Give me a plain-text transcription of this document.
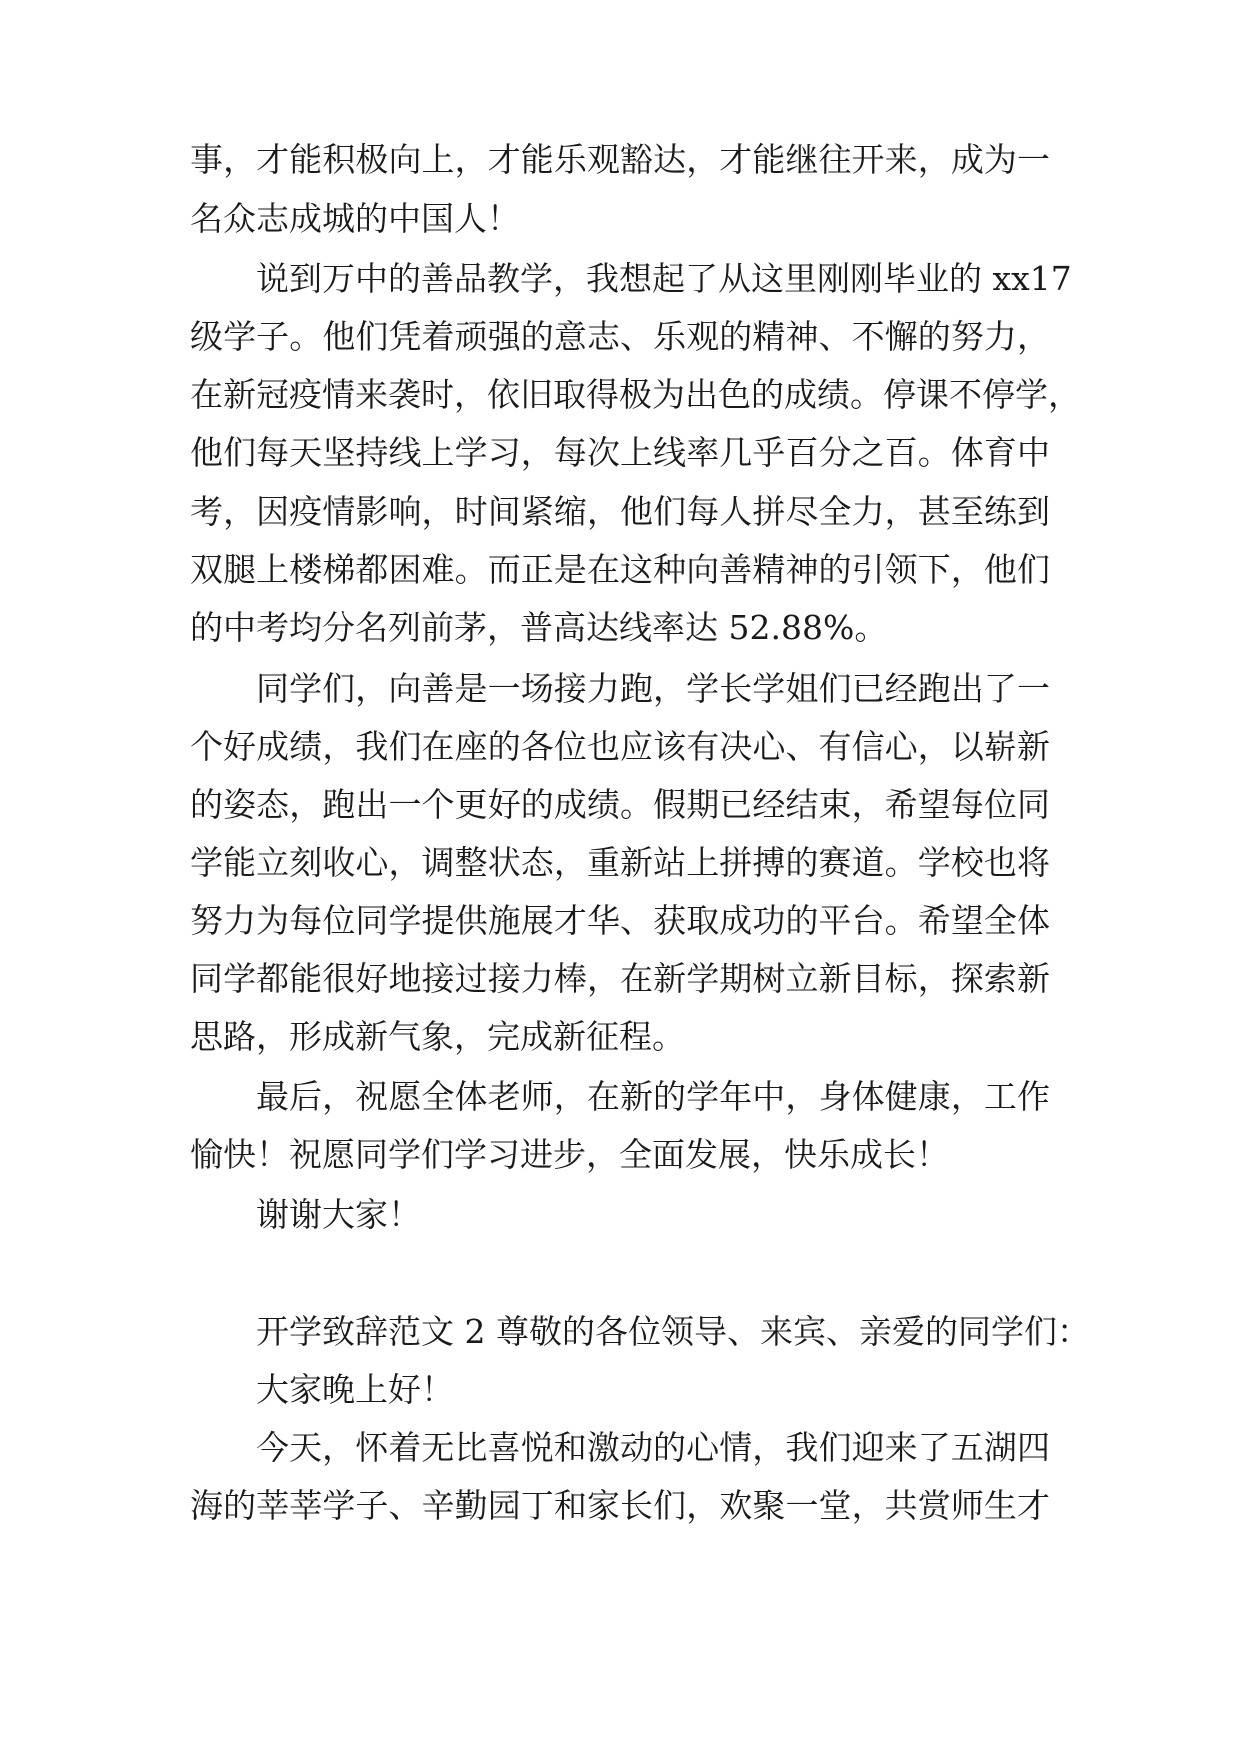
事，才能积极向上，才能乐观豁达，才能继往开来，成为一
名众志成城的中国人！
说到万中的善品教学，我想起了从这里刚刚毕业的 xx17
级学子。他们凭着顽强的意志、乐观的精神、不懈的努力，
在新冠疫情来袭时，依旧取得极为出色的成绩。停课不停学，
他们每天坚持线上学习，每次上线率几乎百分之百。体育中
考，因疫情影响，时间紧缩，他们每人拼尽全力，甚至练到
双腿上楼梯都困难。而正是在这种向善精神的引领下，他们
的中考均分名列前茅，普高达线率达 52.88%。
同学们，向善是一场接力跑，学长学姐们已经跑出了一
个好成绩，我们在座的各位也应该有决心、有信心，以崭新
的姿态，跑出一个更好的成绩。假期已经结束，希望每位同
学能立刻收心，调整状态，重新站上拼搏的赛道。学校也将
努力为每位同学提供施展才华、获取成功的平台。希望全体
同学都能很好地接过接力棒，在新学期树立新目标，探索新
思路，形成新气象，完成新征程。
最后，祝愿全体老师，在新的学年中，身体健康，工作
愉快！祝愿同学们学习进步，全面发展，快乐成长！
谢谢大家！
开学致辞范文 2 尊敬的各位领导、来宾、亲爱的同学们：
大家晚上好！
今天，怀着无比喜悦和激动的心情，我们迎来了五湖四
海的莘莘学子、辛勤园丁和家长们，欢聚一堂，共赏师生才
